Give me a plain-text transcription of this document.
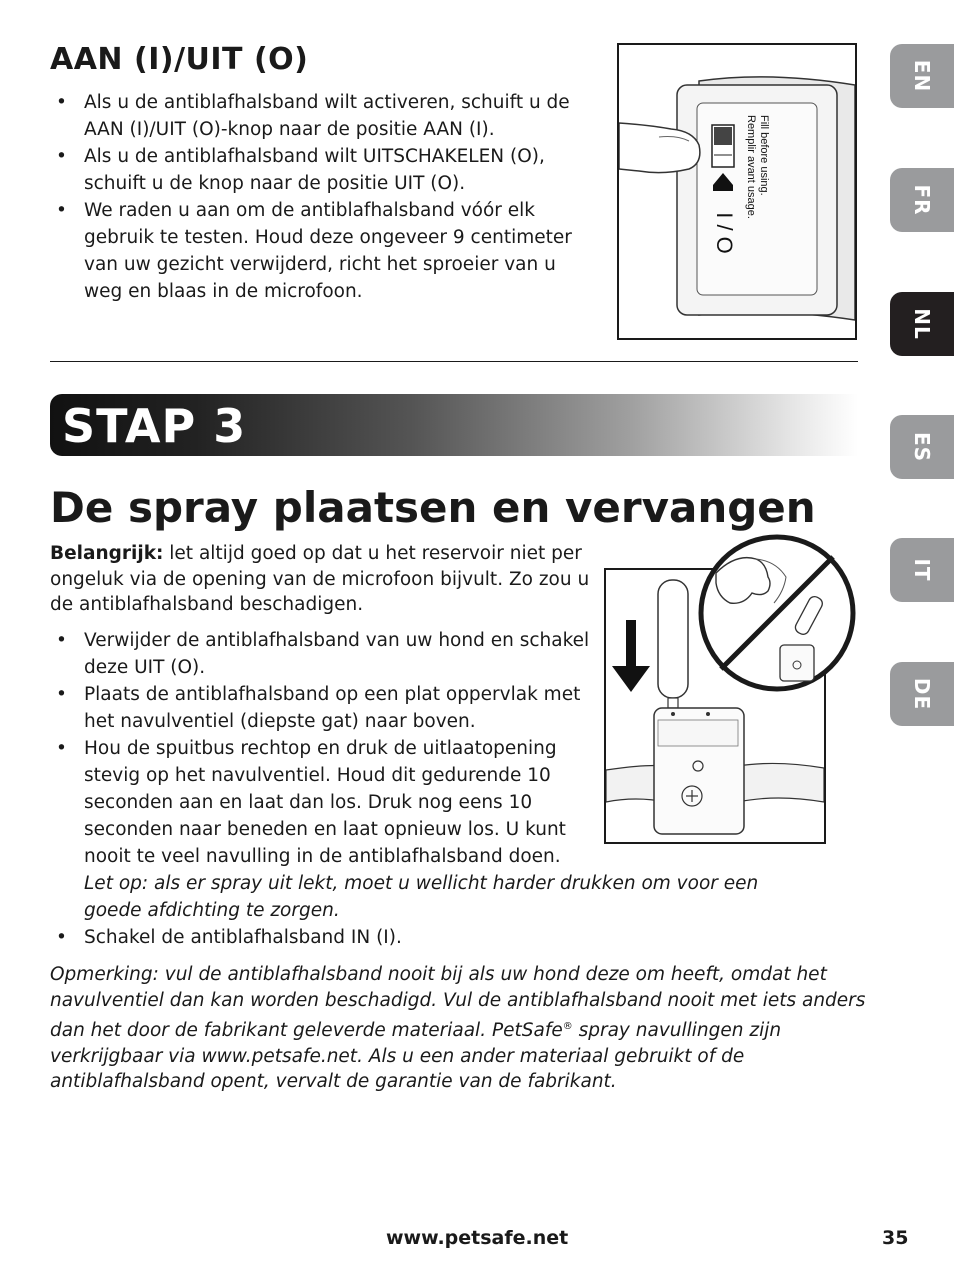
AAN (I)/UIT (O)
• Als u de antiblafhalsband wilt activeren, schuift u de AAN (I)/UIT (O)-knop naar de positie AAN (I).
• Als u de antiblafhalsband wilt UITSCHAKELEN (O), schuift u de knop naar de positie UIT (O).
• We raden u aan om de antiblafhalsband vóór elk gebruik te testen. Houd deze ongeveer 9 centimeter van uw gezicht verwijderd, richt het sproeier van u weg en blaas in de microfoon.
I / O
Fill before using.
Remplir avant usage.
STAP 3
De spray plaatsen en vervangen

Belangrijk: let altijd goed op dat u het reservoir niet per ongeluk via de opening van de microfoon bijvult. Zo zou u de antiblafhalsband beschadigen.

• Verwijder de antiblafhalsband van uw hond en schakel deze UIT (O).
• Plaats de antiblafhalsband op een plat oppervlak met het navulventiel (diepste gat) naar boven.
• Hou de spuitbus rechtop en druk de uitlaatopening stevig op het navulventiel. Houd dit gedurende 10 seconden aan en laat dan los. Druk nog eens 10 seconden naar beneden en laat opnieuw los. U kunt nooit te veel navulling in de antiblafhalsband doen.
Let op: als er spray uit lekt, moet u wellicht harder drukken om voor een goede afdichting te zorgen.
• Schakel de antiblafhalsband IN (I).

Opmerking: vul de antiblafhalsband nooit bij als uw hond deze om heeft, omdat het navulventiel dan kan worden beschadigd. Vul de antiblafhalsband nooit met iets anders dan het door de fabrikant geleverde materiaal. PetSafe® spray navullingen zijn verkrijgbaar via www.petsafe.net. Als u een ander materiaal gebruikt of de antiblafhalsband opent, vervalt de garantie van de fabrikant.

www.petsafe.net	35
EN
FR
NL
ES
IT
DE
